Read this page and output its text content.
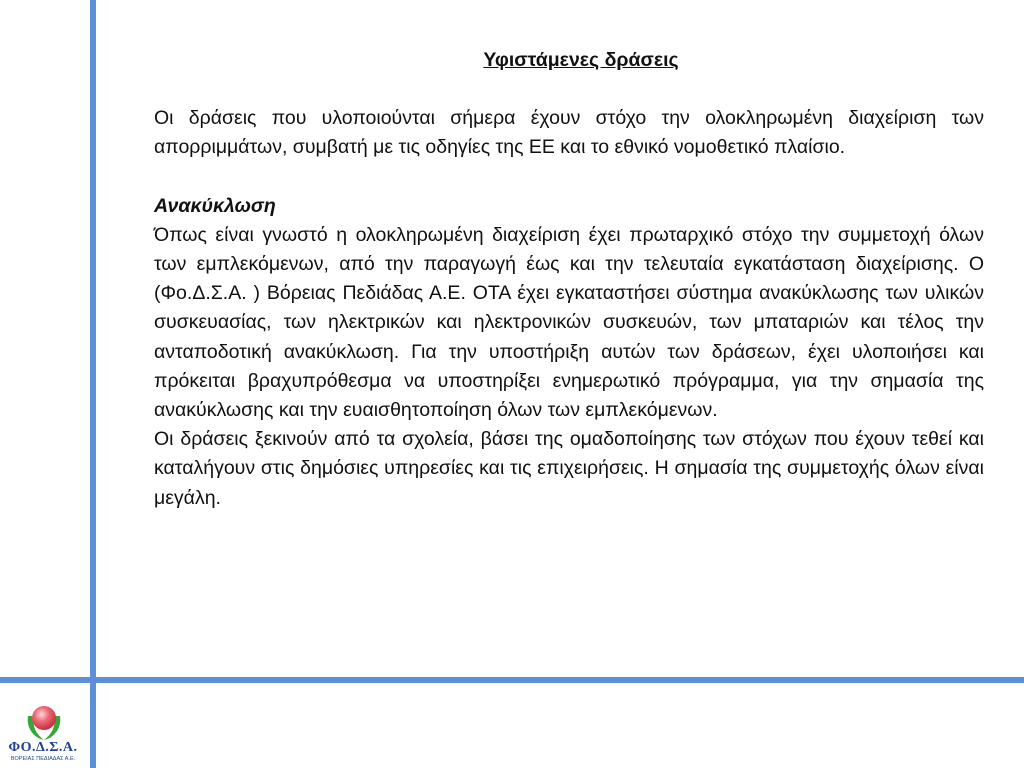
Υφιστάμενες δράσεις

Οι δράσεις που υλοποιούνται σήμερα έχουν στόχο την ολοκληρωμένη διαχείριση των απορριμμάτων, συμβατή με τις οδηγίες της ΕΕ και το εθνικό νομοθετικό πλαίσιο.

Ανακύκλωση

Όπως είναι γνωστό η ολοκληρωμένη διαχείριση έχει πρωταρχικό στόχο την συμμετοχή όλων των εμπλεκόμενων, από την παραγωγή έως και την τελευταία εγκατάσταση διαχείρισης. Ο (Φο.Δ.Σ.Α. ) Βόρειας Πεδιάδας Α.Ε. ΟΤΑ έχει εγκαταστήσει σύστημα ανακύκλωσης των υλικών συσκευασίας, των ηλεκτρικών και ηλεκτρονικών συσκευών, των μπαταριών και τέλος την ανταποδοτική ανακύκλωση. Για την υποστήριξη αυτών των δράσεων, έχει υλοποιήσει και πρόκειται βραχυπρόθεσμα να υποστηρίξει ενημερωτικό πρόγραμμα, για την σημασία της ανακύκλωσης και την ευαισθητοποίηση όλων των εμπλεκόμενων.

Οι δράσεις ξεκινούν από τα σχολεία, βάσει της ομαδοποίησης των στόχων που έχουν τεθεί και καταλήγουν στις δημόσιες υπηρεσίες και τις επιχειρήσεις. Η σημασία της συμμετοχής όλων είναι μεγάλη.

ΦΟ.Δ.Σ.Α.
ΒΟΡΕΙΑΣ ΠΕΔΙΑΔΑΣ Α.Ε.
